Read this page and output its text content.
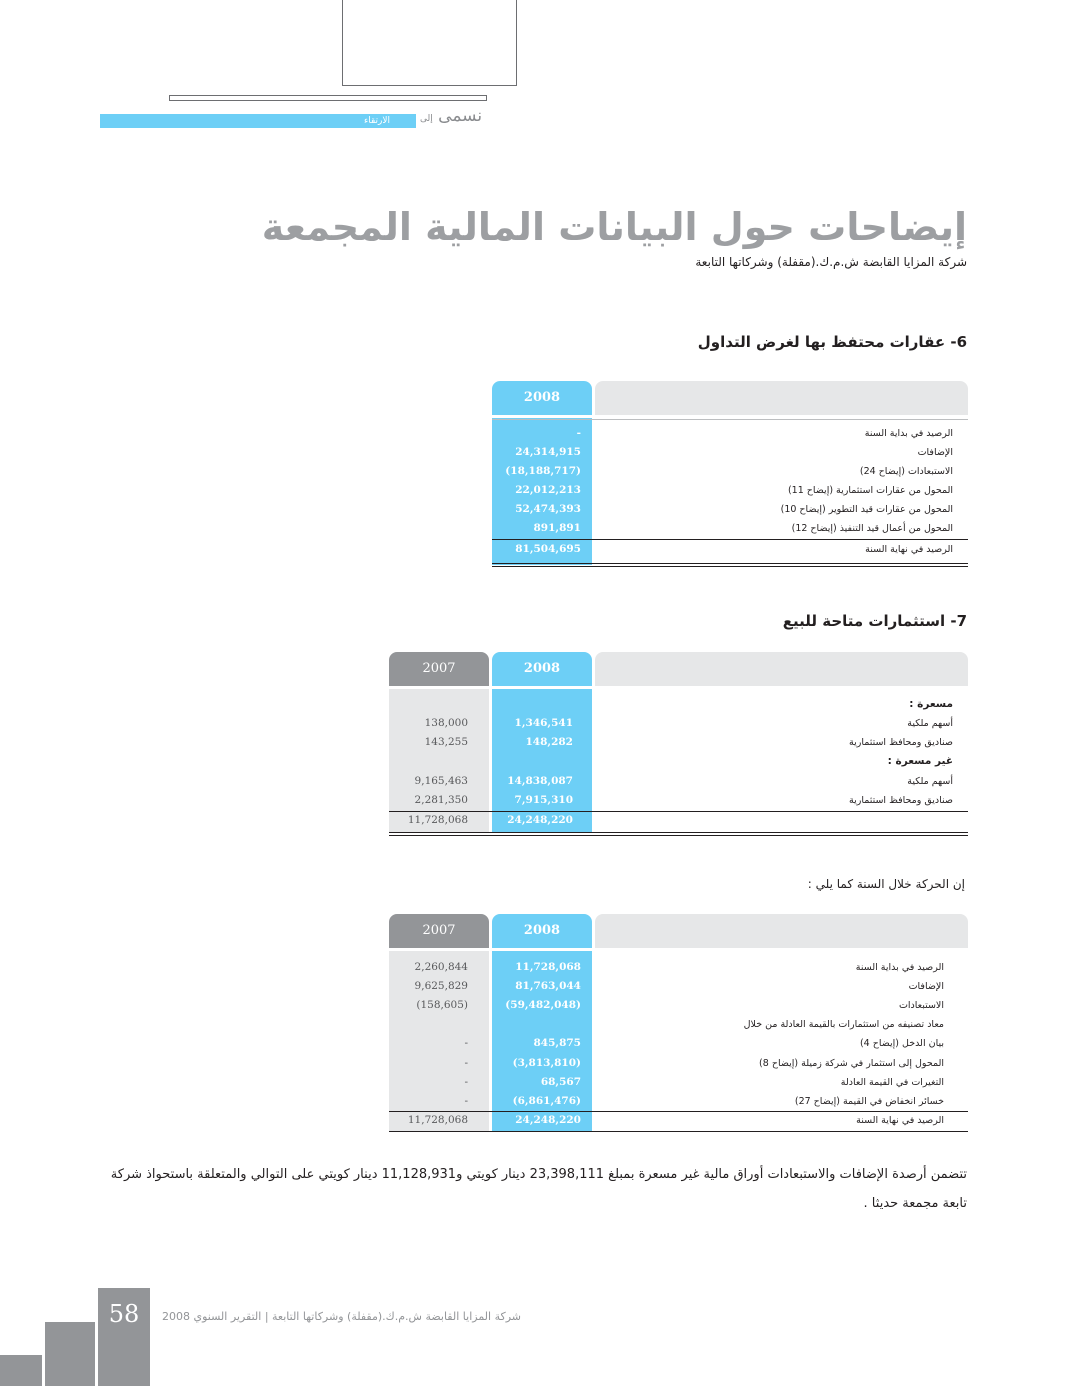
الارتقاء	نسمى إلى
إيضاحات حول البيانات المالية المجمعة
شركة المزايا القابضة ش.م.ك.(مقفلة) وشركاتها التابعة
6- عقارات محتفظ بها لغرض التداول
2008
-	الرصيد في بداية السنة
24,314,915	الإضافات
(18,188,717)	الاستبعادات (إيضاح 24)
22,012,213	المحول من عقارات استثمارية (إيضاح 11)
52,474,393	المحول من عقارات قيد التطوير (إيضاح 10)
891,891	المحول من أعمال قيد التنفيذ (إيضاح 12)
81,504,695	الرصيد في نهاية السنة
7- استثمارات متاحة للبيع
2007	2008
مسعرة :
138,000	1,346,541	أسهم ملكية
143,255	148,282	صناديق ومحافظ استثمارية
غير مسعرة :
9,165,463	14,838,087	أسهم ملكية
2,281,350	7,915,310	صناديق ومحافظ استثمارية
11,728,068	24,248,220
إن الحركة خلال السنة كما يلي :
2007	2008
2,260,844	11,728,068	الرصيد في بداية السنة
9,625,829	81,763,044	الإضافات
(158,605)	(59,482,048)	الاستبعادات
معاد تصنيفه من استثمارات بالقيمة العادلة من خلال
-	845,875	بيان الدخل (إيضاح 4)
-	(3,813,810)	المحول إلى استثمار في شركة زميلة (إيضاح 8)
-	68,567	التغيرات في القيمة العادلة
-	(6,861,476)	خسائر انخفاض في القيمة (إيضاح 27)
11,728,068	24,248,220	الرصيد في نهاية السنة
تتضمن أرصدة الإضافات والاستبعادات أوراق مالية غير مسعرة بمبلغ 23,398,111 دينار كويتي و11,128,931 دينار كويتي على التوالي والمتعلقة باستحواذ شركة تابعة مجمعة حديثا .
58	شركة المزايا القابضة ش.م.ك.(مقفلة) وشركاتها التابعة | التقرير السنوي 2008
